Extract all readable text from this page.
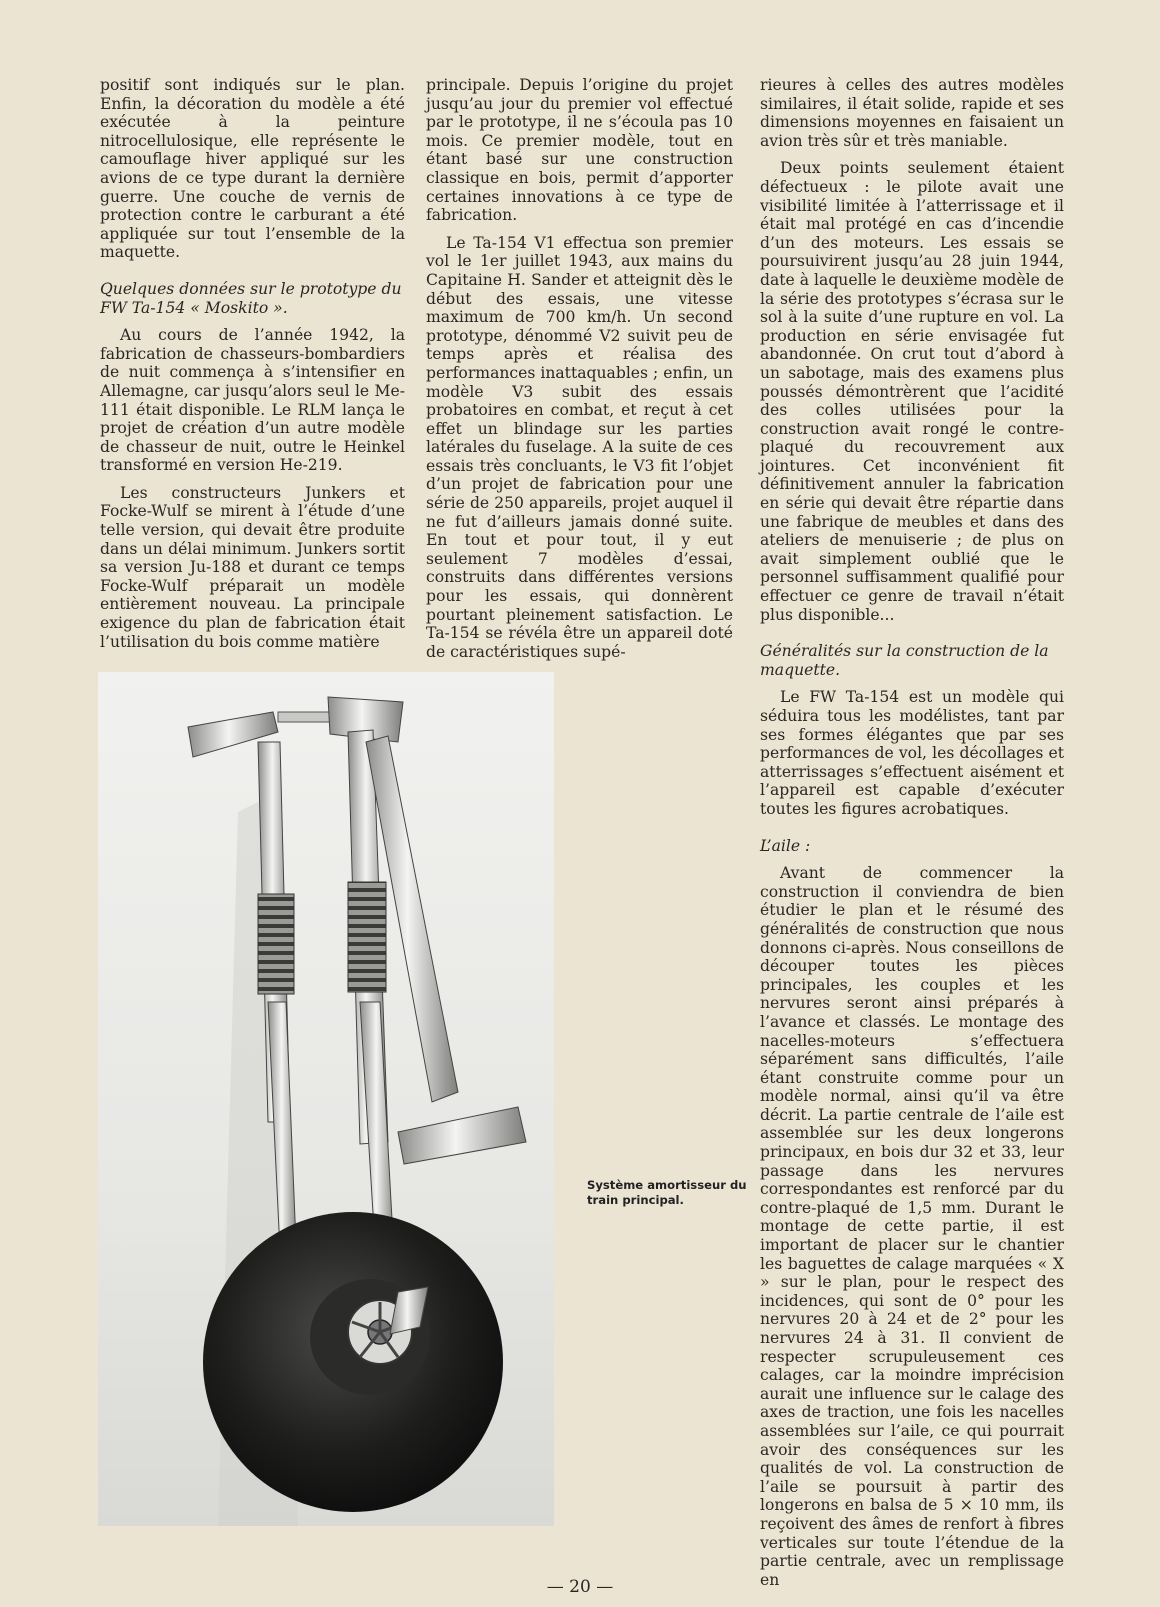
positif sont indiqués sur le plan. Enfin, la décoration du modèle a été exécutée à la peinture nitrocellulosique, elle représente le camouflage hiver appliqué sur les avions de ce type durant la dernière guerre. Une couche de vernis de protection contre le carburant a été appliquée sur tout l’ensemble de la maquette.

Quelques données sur le prototype du FW Ta-154 « Moskito ».

Au cours de l’année 1942, la fabrication de chasseurs-bombardiers de nuit commença à s’intensifier en Allemagne, car jusqu’alors seul le Me-111 était disponible. Le RLM lança le projet de création d’un autre modèle de chasseur de nuit, outre le Heinkel transformé en version He-219.

Les constructeurs Junkers et Focke-Wulf se mirent à l’étude d’une telle version, qui devait être produite dans un délai minimum. Junkers sortit sa version Ju-188 et durant ce temps Focke-Wulf préparait un modèle entièrement nouveau. La principale exigence du plan de fabrication était l’utilisation du bois comme matière

principale. Depuis l’origine du projet jusqu’au jour du premier vol effectué par le prototype, il ne s’écoula pas 10 mois. Ce premier modèle, tout en étant basé sur une construction classique en bois, permit d’apporter certaines innovations à ce type de fabrication.

Le Ta-154 V1 effectua son premier vol le 1er juillet 1943, aux mains du Capitaine H. Sander et atteignit dès le début des essais, une vitesse maximum de 700 km/h. Un second prototype, dénommé V2 suivit peu de temps après et réalisa des performances inattaquables ; enfin, un modèle V3 subit des essais probatoires en combat, et reçut à cet effet un blindage sur les parties latérales du fuselage. A la suite de ces essais très concluants, le V3 fit l’objet d’un projet de fabrication pour une série de 250 appareils, projet auquel il ne fut d’ailleurs jamais donné suite. En tout et pour tout, il y eut seulement 7 modèles d’essai, construits dans différentes versions pour les essais, qui donnèrent pourtant pleinement satisfaction. Le Ta-154 se révéla être un appareil doté de caractéristiques supé-

rieures à celles des autres modèles similaires, il était solide, rapide et ses dimensions moyennes en faisaient un avion très sûr et très maniable.

Deux points seulement étaient défectueux : le pilote avait une visibilité limitée à l’atterrissage et il était mal protégé en cas d’incendie d’un des moteurs. Les essais se poursuivirent jusqu’au 28 juin 1944, date à laquelle le deuxième modèle de la série des prototypes s’écrasa sur le sol à la suite d’une rupture en vol. La production en série envisagée fut abandonnée. On crut tout d’abord à un sabotage, mais des examens plus poussés démontrèrent que l’acidité des colles utilisées pour la construction avait rongé le contre-plaqué du recouvrement aux jointures. Cet inconvénient fit définitivement annuler la fabrication en série qui devait être répartie dans une fabrique de meubles et dans des ateliers de menuiserie ; de plus on avait simplement oublié que le personnel suffisamment qualifié pour effectuer ce genre de travail n’était plus disponible...

Généralités sur la construction de la maquette.

Le FW Ta-154 est un modèle qui séduira tous les modélistes, tant par ses formes élégantes que par ses performances de vol, les décollages et atterrissages s’effectuent aisément et l’appareil est capable d’exécuter toutes les figures acrobatiques.

L’aile :

Avant de commencer la construction il conviendra de bien étudier le plan et le résumé des généralités de construction que nous donnons ci-après. Nous conseillons de découper toutes les pièces principales, les couples et les nervures seront ainsi préparés à l’avance et classés. Le montage des nacelles-moteurs s’effectuera séparément sans difficultés, l’aile étant construite comme pour un modèle normal, ainsi qu’il va être décrit. La partie centrale de l’aile est assemblée sur les deux longerons principaux, en bois dur 32 et 33, leur passage dans les nervures correspondantes est renforcé par du contre-plaqué de 1,5 mm. Durant le montage de cette partie, il est important de placer sur le chantier les baguettes de calage marquées « X » sur le plan, pour le respect des incidences, qui sont de 0° pour les nervures 20 à 24 et de 2° pour les nervures 24 à 31. Il convient de respecter scrupuleusement ces calages, car la moindre imprécision aurait une influence sur le calage des axes de traction, une fois les nacelles assemblées sur l’aile, ce qui pourrait avoir des conséquences sur les qualités de vol. La construction de l’aile se poursuit à partir des longerons en balsa de 5 × 10 mm, ils reçoivent des âmes de renfort à fibres verticales sur toute l’étendue de la partie centrale, avec un remplissage en

Système amortisseur du train principal.
— 20 —
